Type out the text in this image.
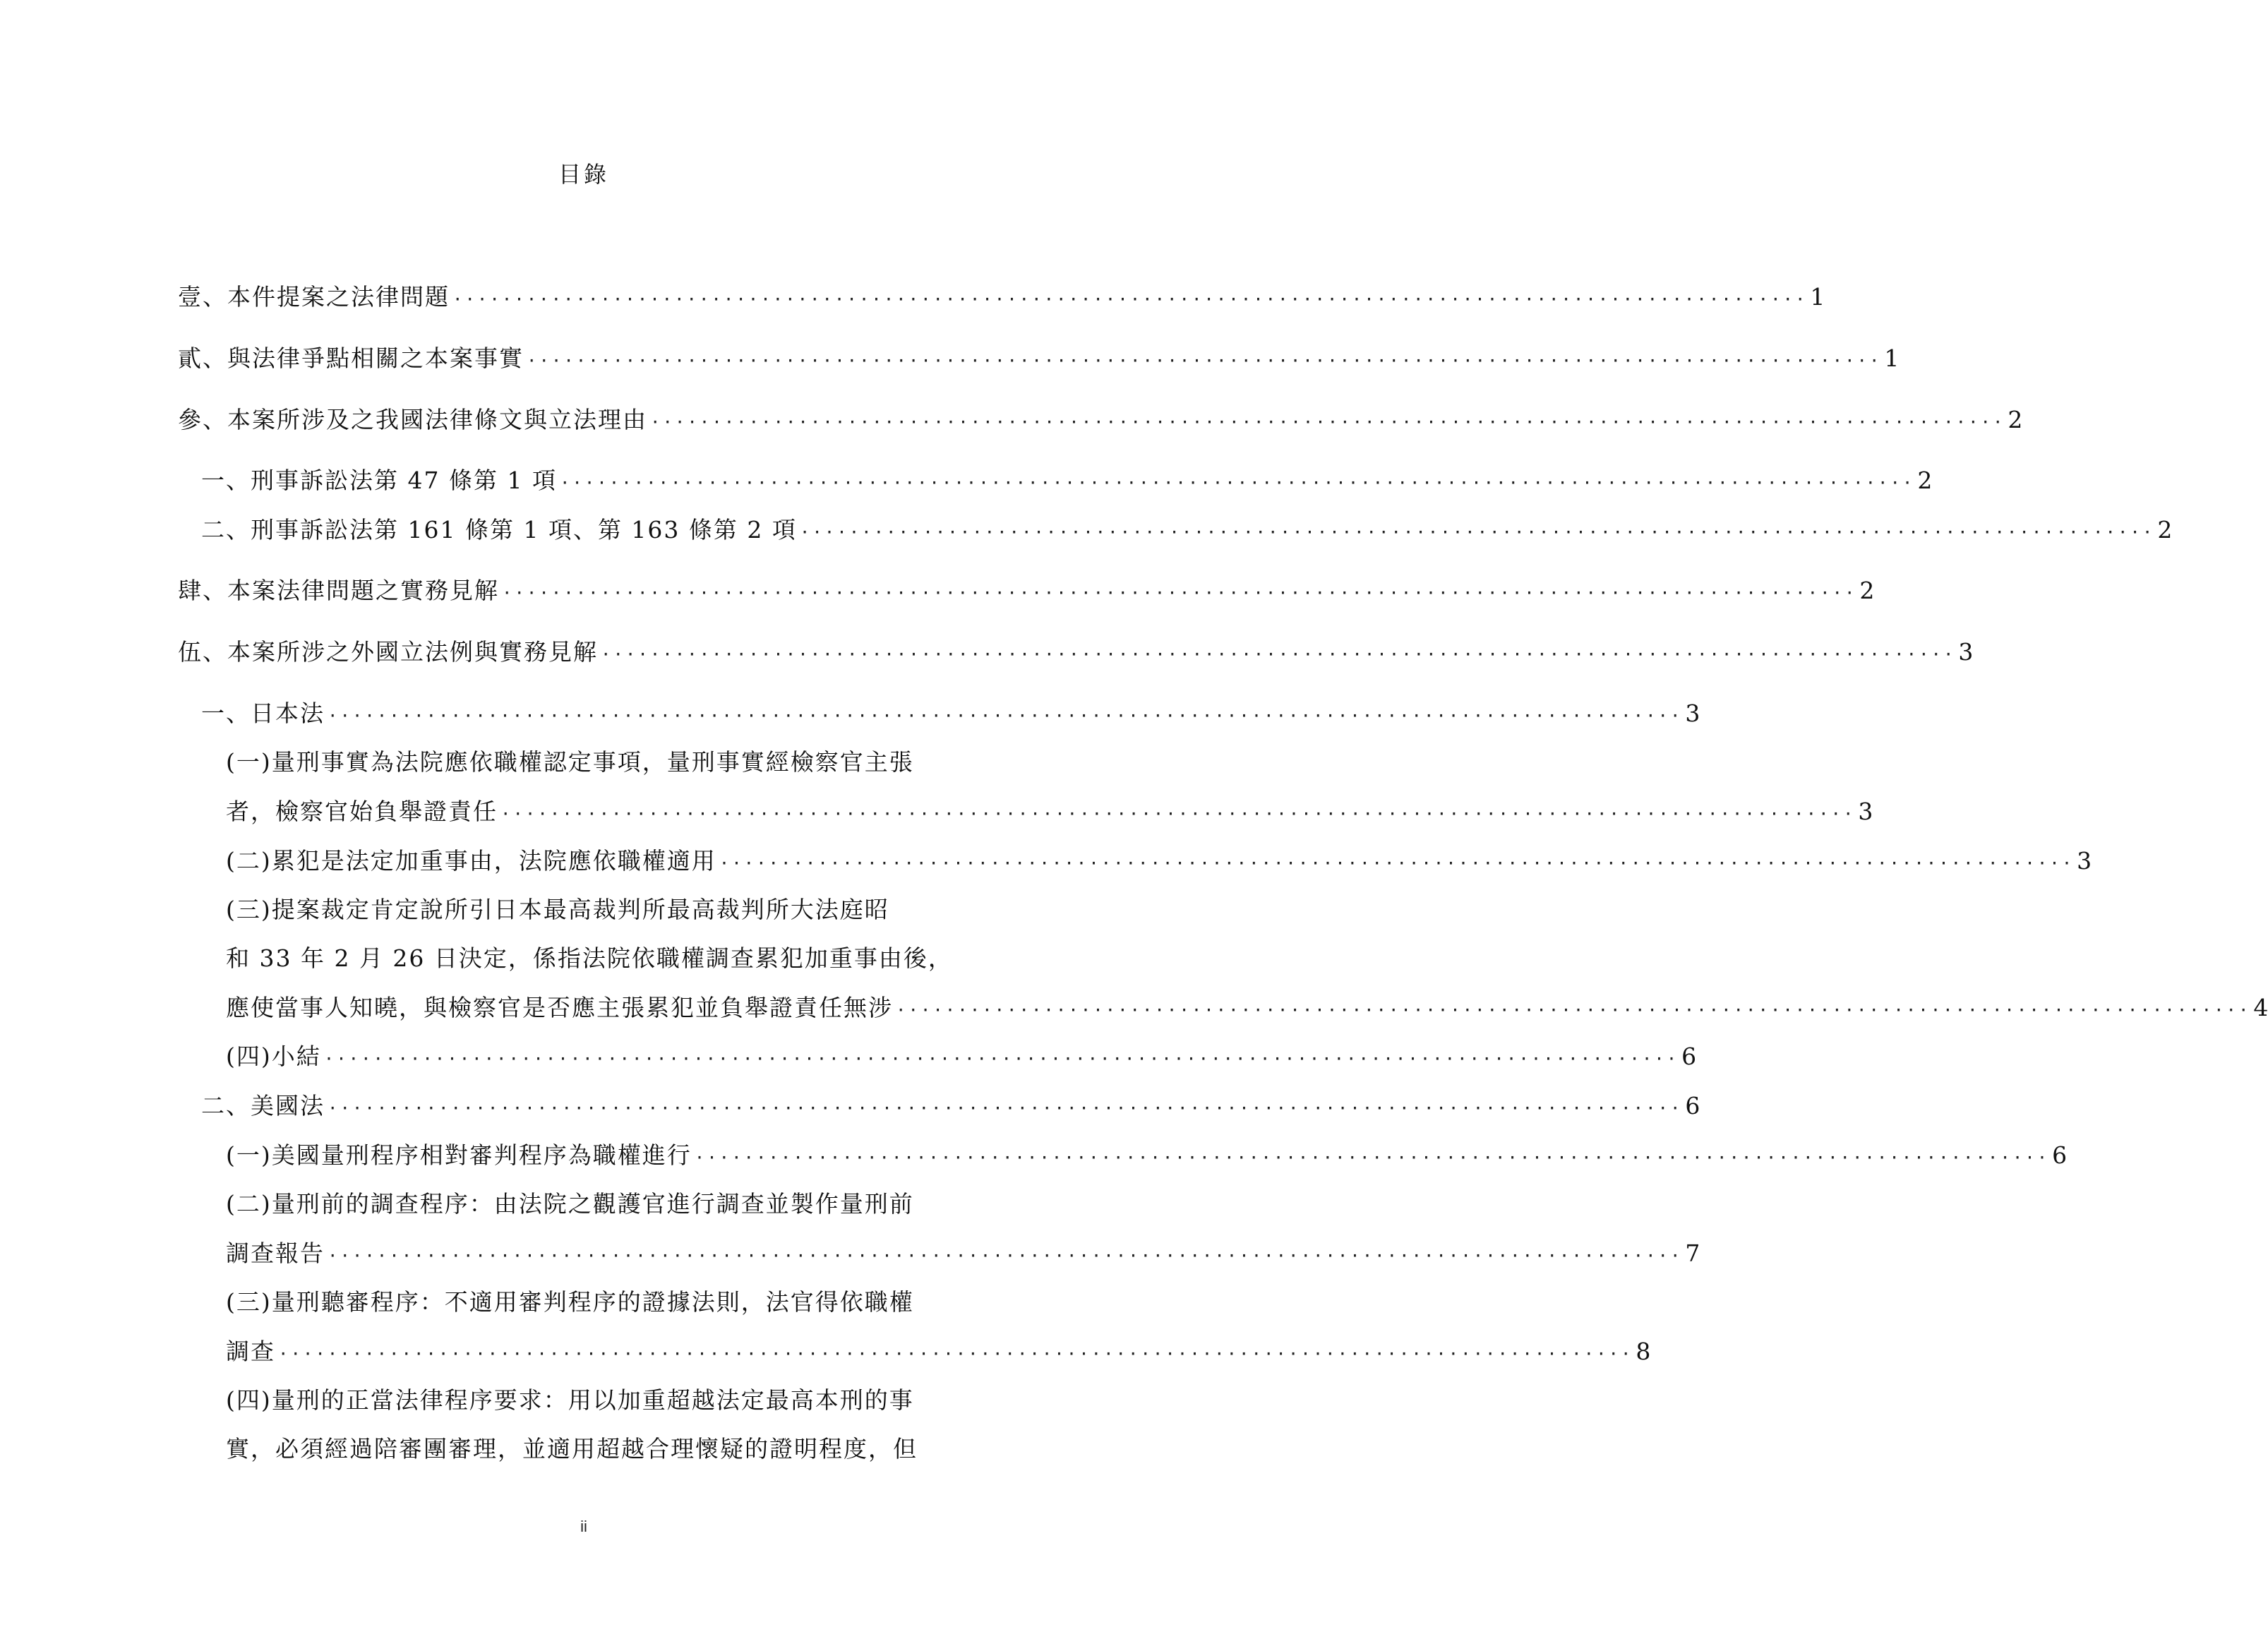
目錄
壹、本件提案之法律問題 ·····	1
貳、與法律爭點相關之本案事實 ·····	1
參、本案所涉及之我國法律條文與立法理由 ·····	2
一、刑事訴訟法第 47 條第 1 項 ·····	2
二、刑事訴訟法第 161 條第 1 項、第 163 條第 2 項 ·····	2
肆、本案法律問題之實務見解 ·····	2
伍、本案所涉之外國立法例與實務見解 ·····	3
一、日本法 ·····	3
(一)量刑事實為法院應依職權認定事項，量刑事實經檢察官主張
者，檢察官始負舉證責任 ·····	3
(二)累犯是法定加重事由，法院應依職權適用 ·····	3
(三)提案裁定肯定說所引日本最高裁判所最高裁判所大法庭昭
和 33 年 2 月 26 日決定，係指法院依職權調查累犯加重事由後，
應使當事人知曉，與檢察官是否應主張累犯並負舉證責任無涉 ·····	4
(四)小結 ·····	6
二、美國法 ·····	6
(一)美國量刑程序相對審判程序為職權進行 ·····	6
(二)量刑前的調查程序：由法院之觀護官進行調查並製作量刑前
調查報告 ·····	7
(三)量刑聽審程序：不適用審判程序的證據法則，法官得依職權
調查 ·····	8
(四)量刑的正當法律程序要求：用以加重超越法定最高本刑的事
實，必須經過陪審團審理，並適用超越合理懷疑的證明程度，但
ii
